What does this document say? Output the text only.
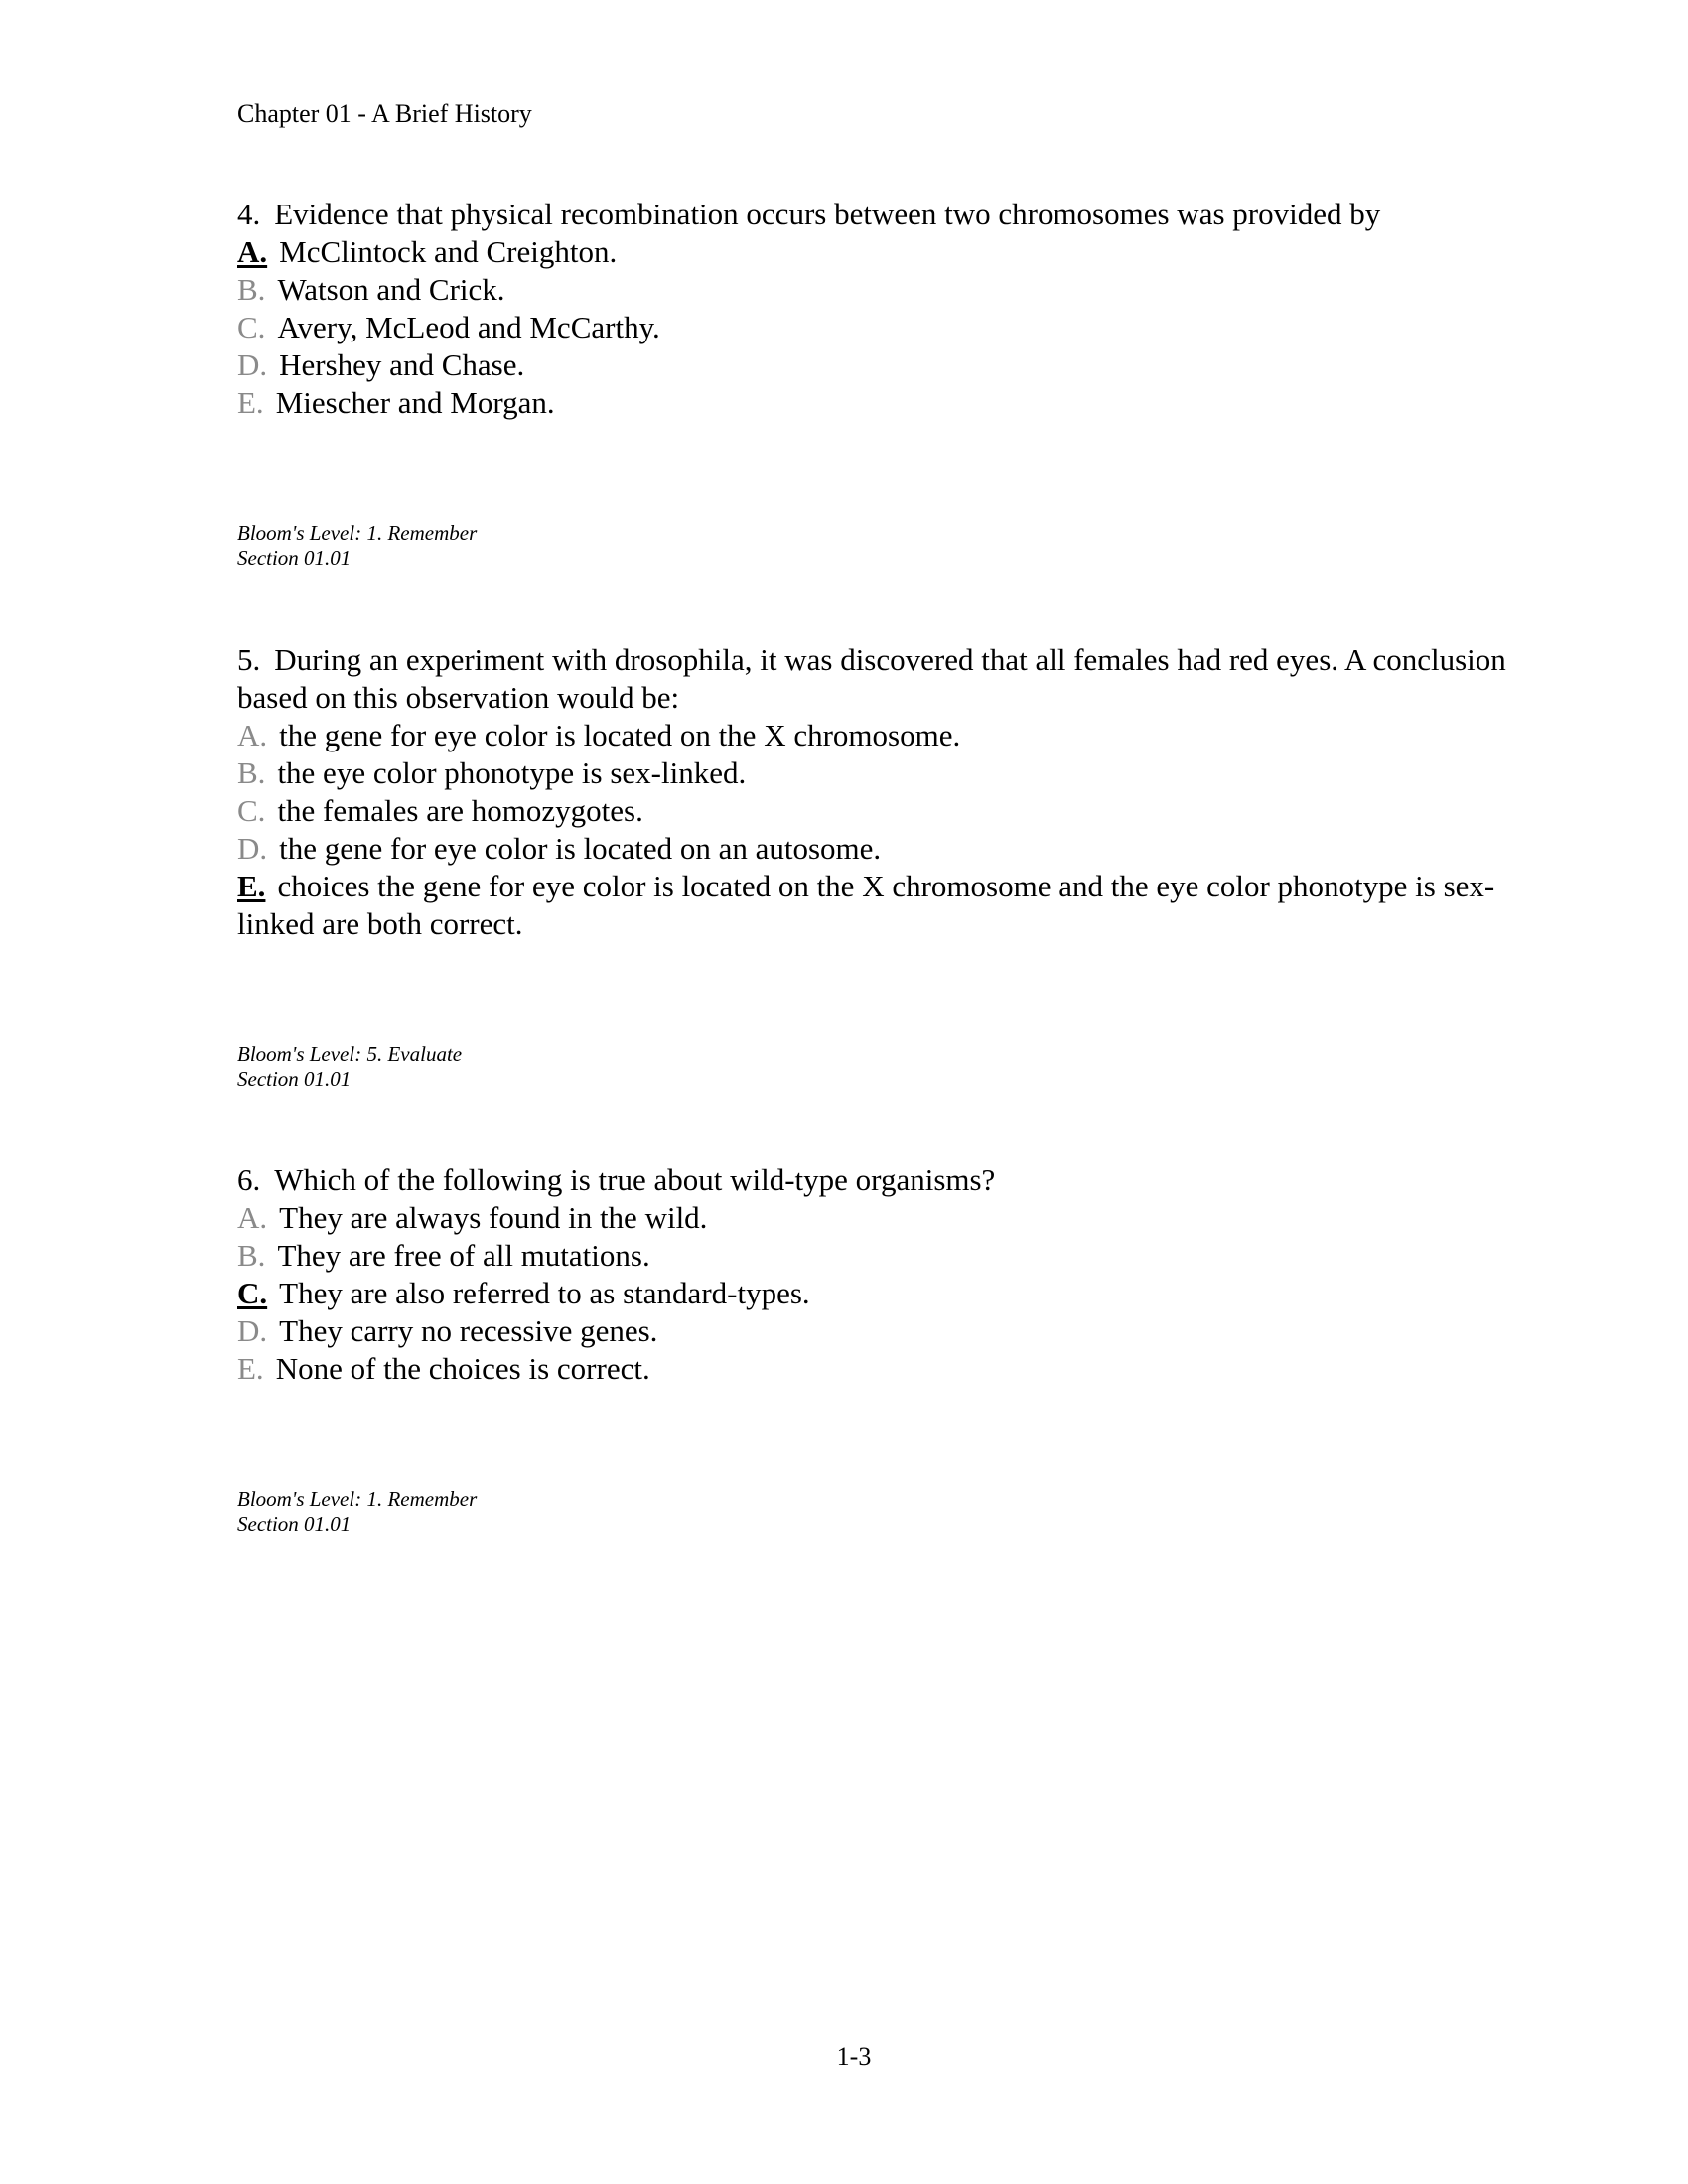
Chapter 01 - A Brief History

4. Evidence that physical recombination occurs between two chromosomes was provided by

A. McClintock and Creighton.

B. Watson and Crick.

C. Avery, McLeod and McCarthy.

D. Hershey and Chase.

E. Miescher and Morgan.

Bloom's Level: 1. Remember
Section 01.01

5. During an experiment with drosophila, it was discovered that all females had red eyes. A conclusion based on this observation would be:

A. the gene for eye color is located on the X chromosome.

B. the eye color phonotype is sex-linked.

C. the females are homozygotes.

D. the gene for eye color is located on an autosome.

E. choices the gene for eye color is located on the X chromosome and the eye color phonotype is sex-linked are both correct.

Bloom's Level: 5. Evaluate
Section 01.01

6. Which of the following is true about wild-type organisms?

A. They are always found in the wild.

B. They are free of all mutations.

C. They are also referred to as standard-types.

D. They carry no recessive genes.

E. None of the choices is correct.

Bloom's Level: 1. Remember
Section 01.01
1-3
